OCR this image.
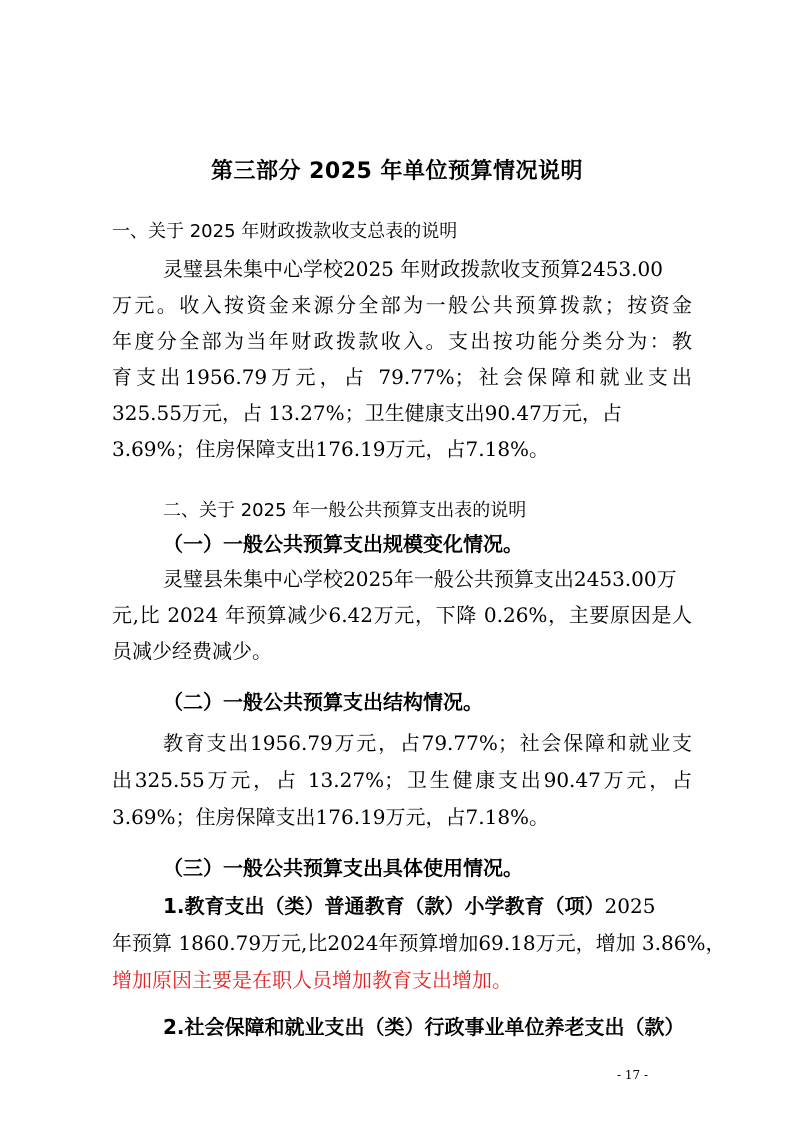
第三部分 2025 年单位预算情况说明

一、关于 2025 年财政拨款收支总表的说明

灵璧县朱集中心学校2025 年财政拨款收支预算2453.00

万元。收入按资金来源分全部为一般公共预算拨款；按资金

年度分全部为当年财政拨款收入。支出按功能分类分为：教

育支出1956.79万元，占 79.77%；社会保障和就业支出

325.55万元，占 13.27%；卫生健康支出90.47万元，占

3.69%；住房保障支出176.19万元，占7.18%。

二、关于 2025 年一般公共预算支出表的说明

（一）一般公共预算支出规模变化情况。

灵璧县朱集中心学校2025年一般公共预算支出2453.00万

元,比 2024 年预算减少6.42万元，下降 0.26%，主要原因是人

员减少经费减少。

（二）一般公共预算支出结构情况。

教育支出1956.79万元，占79.77%；社会保障和就业支

出325.55万元，占 13.27%；卫生健康支出90.47万元，占

3.69%；住房保障支出176.19万元，占7.18%。

（三）一般公共预算支出具体使用情况。

1.教育支出（类）普通教育（款）小学教育（项）2025

年预算 1860.79万元,比2024年预算增加69.18万元，增加 3.86%，

增加原因主要是在职人员增加教育支出增加。

2.社会保障和就业支出（类）行政事业单位养老支出（款）

- 17 -
